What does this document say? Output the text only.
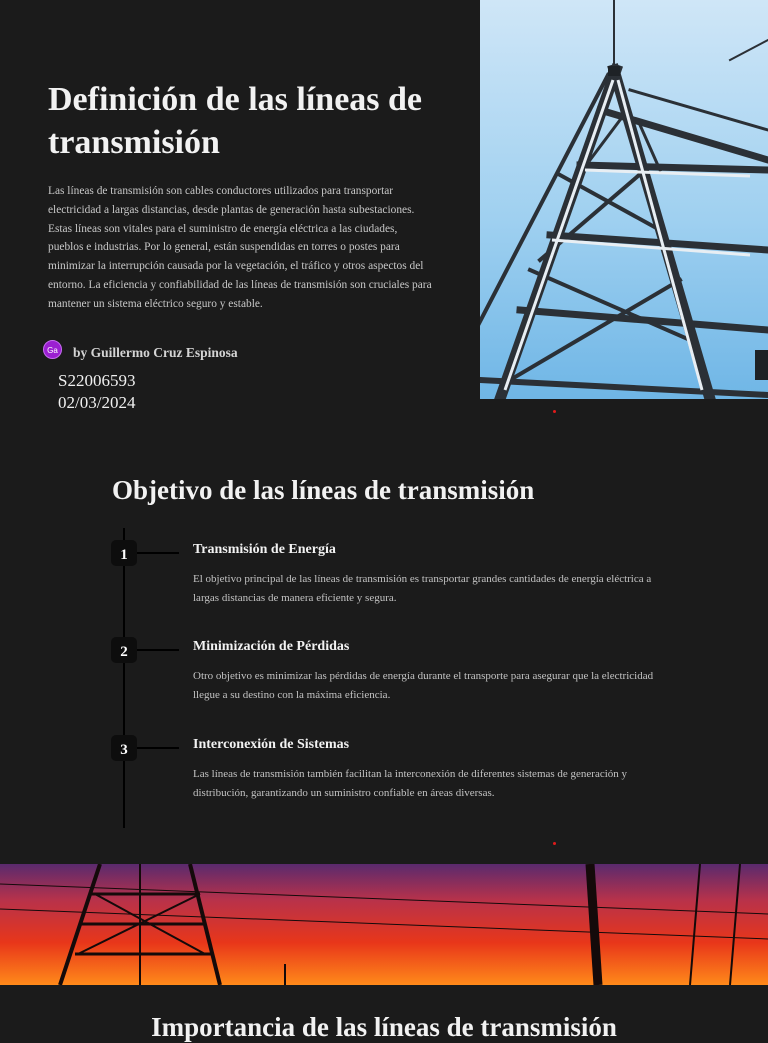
Definición de las líneas de transmisión

Las líneas de transmisión son cables conductores utilizados para transportar electricidad a largas distancias, desde plantas de generación hasta subestaciones. Estas líneas son vitales para el suministro de energía eléctrica a las ciudades, pueblos e industrias. Por lo general, están suspendidas en torres o postes para minimizar la interrupción causada por la vegetación, el tráfico y otros aspectos del entorno. La eficiencia y confiabilidad de las líneas de transmisión son cruciales para mantener un sistema eléctrico seguro y estable.

Ga	by Guillermo Cruz Espinosa
S22006593
02/03/2024
Objetivo de las líneas de transmisión
1	Transmisión de Energía

El objetivo principal de las líneas de transmisión es transportar grandes cantidades de energía eléctrica a largas distancias de manera eficiente y segura.

2	Minimización de Pérdidas

Otro objetivo es minimizar las pérdidas de energía durante el transporte para asegurar que la electricidad llegue a su destino con la máxima eficiencia.

3	Interconexión de Sistemas

Las líneas de transmisión también facilitan la interconexión de diferentes sistemas de generación y distribución, garantizando un suministro confiable en áreas diversas.

Importancia de las líneas de transmisión
